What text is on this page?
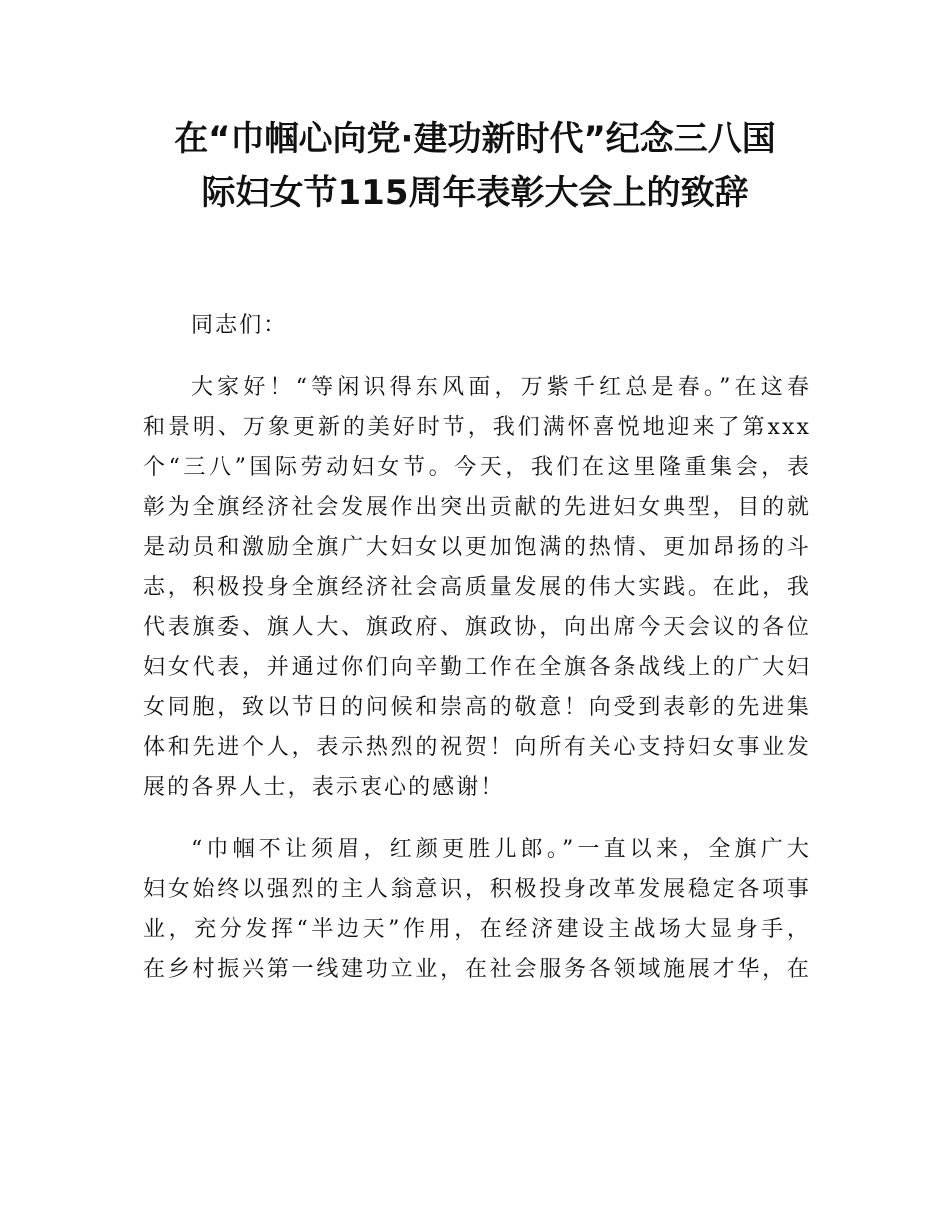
在“巾帼心向党·建功新时代”纪念三八国
际妇女节115周年表彰大会上的致辞
同志们：
大家好！“等闲识得东风面，万紫千红总是春。”在这春
和景明、万象更新的美好时节，我们满怀喜悦地迎来了第xxx
个“三八”国际劳动妇女节。今天，我们在这里隆重集会，表
彰为全旗经济社会发展作出突出贡献的先进妇女典型，目的就
是动员和激励全旗广大妇女以更加饱满的热情、更加昂扬的斗
志，积极投身全旗经济社会高质量发展的伟大实践。在此，我
代表旗委、旗人大、旗政府、旗政协，向出席今天会议的各位
妇女代表，并通过你们向辛勤工作在全旗各条战线上的广大妇
女同胞，致以节日的问候和崇高的敬意！向受到表彰的先进集
体和先进个人，表示热烈的祝贺！向所有关心支持妇女事业发
展的各界人士，表示衷心的感谢！
“巾帼不让须眉，红颜更胜儿郎。”一直以来，全旗广大
妇女始终以强烈的主人翁意识，积极投身改革发展稳定各项事
业，充分发挥“半边天”作用，在经济建设主战场大显身手，
在乡村振兴第一线建功立业，在社会服务各领域施展才华，在
